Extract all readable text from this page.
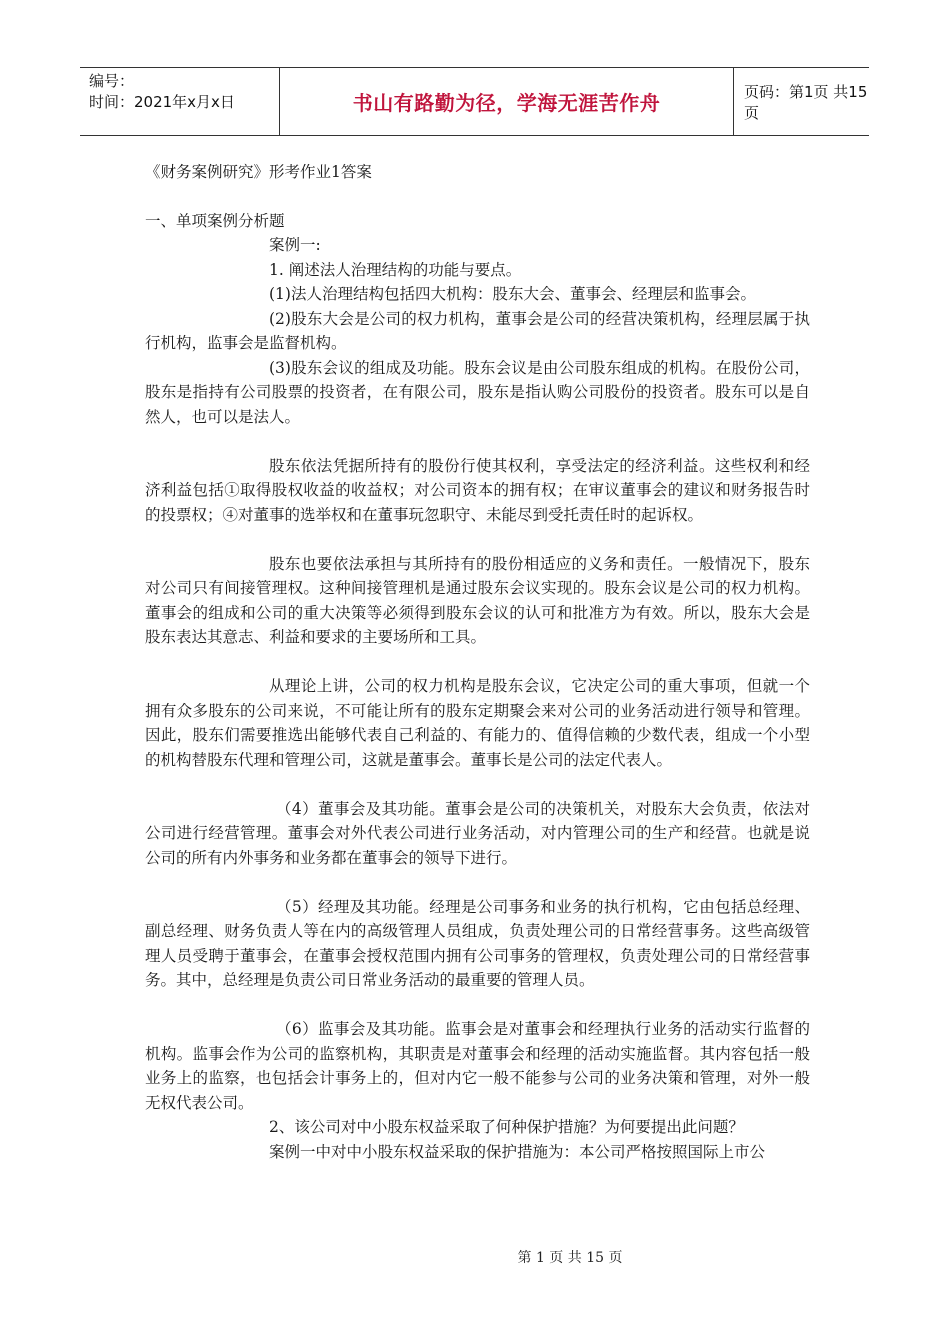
编号：
时间：2021年x月x日	书山有路勤为径，学海无涯苦作舟	页码：第1页 共15页

《财务案例研究》形考作业1答案

一、单项案例分析题

案例一:

1. 阐述法人治理结构的功能与要点。

(1)法人治理结构包括四大机构：股东大会、董事会、经理层和监事会。

(2)股东大会是公司的权力机构，董事会是公司的经营决策机构，经理层属于执行机构，监事会是监督机构。

(3)股东会议的组成及功能。股东会议是由公司股东组成的机构。在股份公司，股东是指持有公司股票的投资者，在有限公司，股东是指认购公司股份的投资者。股东可以是自然人，也可以是法人。

股东依法凭据所持有的股份行使其权利，享受法定的经济利益。这些权利和经济利益包括①取得股权收益的收益权；对公司资本的拥有权；在审议董事会的建议和财务报告时的投票权；④对董事的选举权和在董事玩忽职守、未能尽到受托责任时的起诉权。

股东也要依法承担与其所持有的股份相适应的义务和责任。一般情况下，股东对公司只有间接管理权。这种间接管理机是通过股东会议实现的。股东会议是公司的权力机构。董事会的组成和公司的重大决策等必须得到股东会议的认可和批准方为有效。所以，股东大会是股东表达其意志、利益和要求的主要场所和工具。

从理论上讲，公司的权力机构是股东会议，它决定公司的重大事项，但就一个拥有众多股东的公司来说，不可能让所有的股东定期聚会来对公司的业务活动进行领导和管理。因此，股东们需要推选出能够代表自己利益的、有能力的、值得信赖的少数代表，组成一个小型的机构替股东代理和管理公司，这就是董事会。董事长是公司的法定代表人。

（4）董事会及其功能。董事会是公司的决策机关，对股东大会负责，依法对公司进行经营管理。董事会对外代表公司进行业务活动，对内管理公司的生产和经营。也就是说公司的所有内外事务和业务都在董事会的领导下进行。

（5）经理及其功能。经理是公司事务和业务的执行机构，它由包括总经理、副总经理、财务负责人等在内的高级管理人员组成，负责处理公司的日常经营事务。这些高级管理人员受聘于董事会，在董事会授权范围内拥有公司事务的管理权，负责处理公司的日常经营事务。其中，总经理是负责公司日常业务活动的最重要的管理人员。

（6）监事会及其功能。监事会是对董事会和经理执行业务的活动实行监督的机构。监事会作为公司的监察机构，其职责是对董事会和经理的活动实施监督。其内容包括一般业务上的监察，也包括会计事务上的，但对内它一般不能参与公司的业务决策和管理，对外一般无权代表公司。

2、该公司对中小股东权益采取了何种保护措施？为何要提出此问题？

案例一中对中小股东权益采取的保护措施为：本公司严格按照国际上市公

第 1 页 共 15 页
